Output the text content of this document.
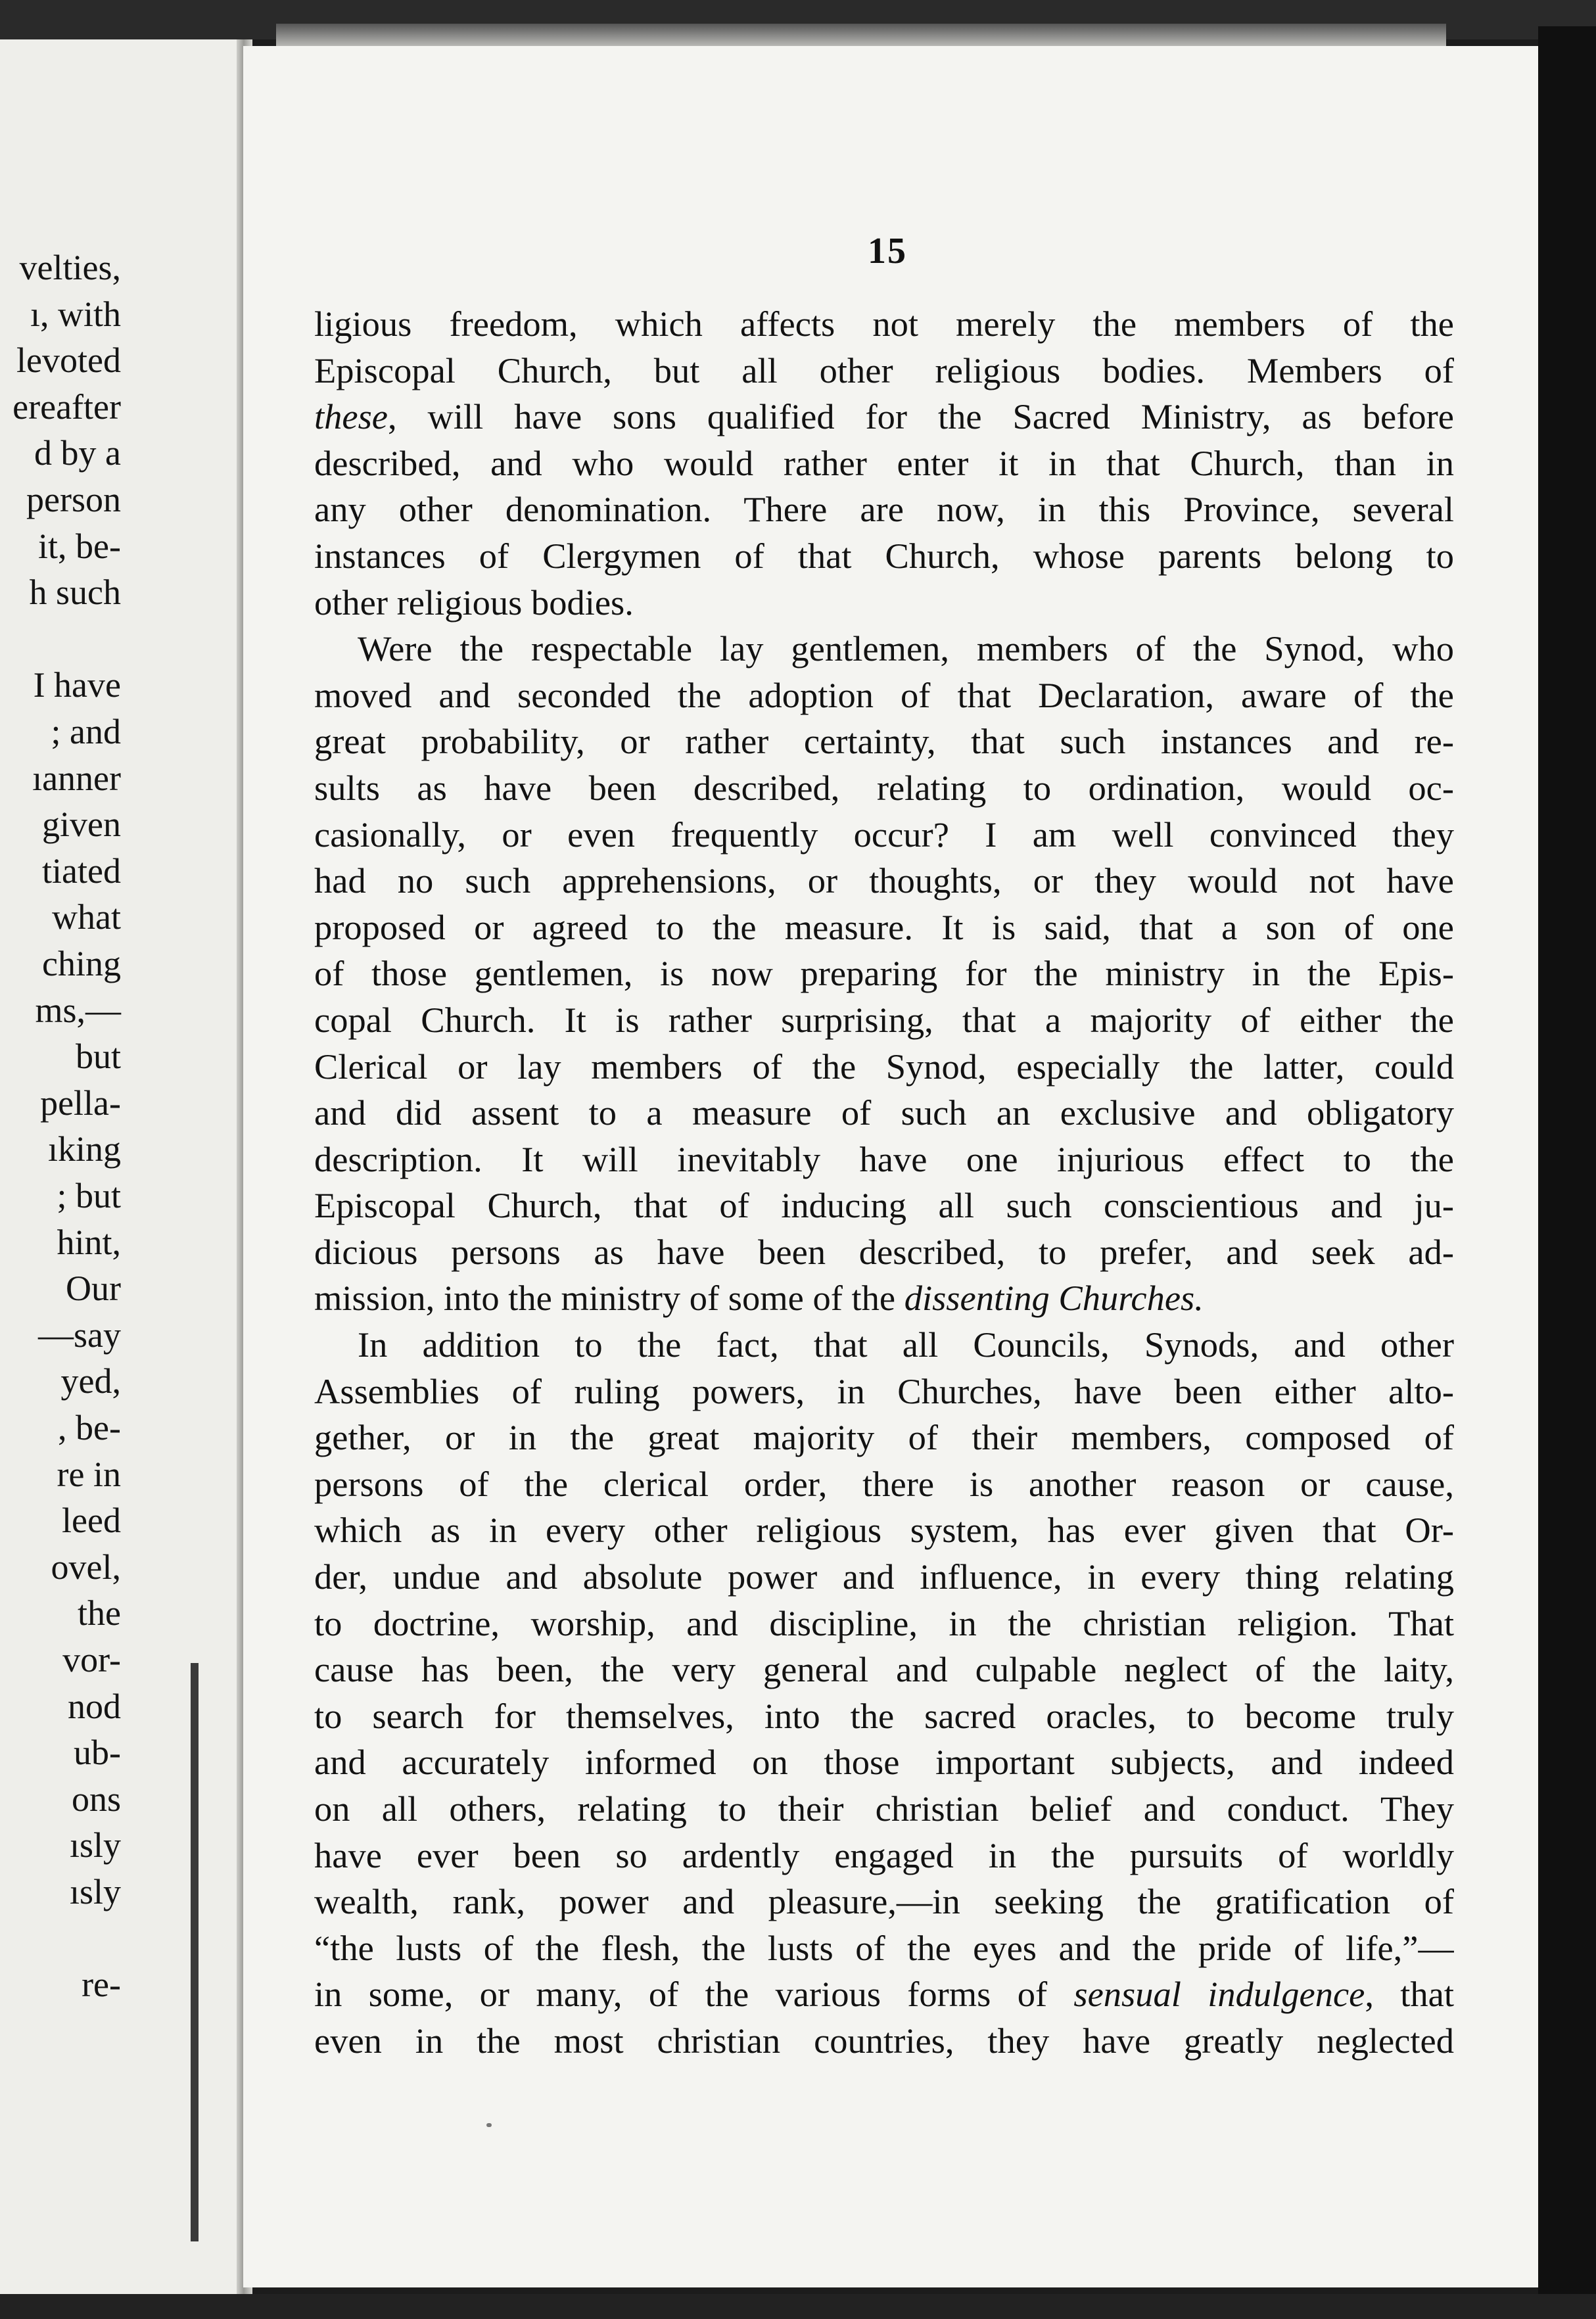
velties,
ı, with
levoted
ereafter
d by a
person
it, be-
h such
I have
; and
ıanner
given
tiated
what
ching
ms,—
but
pella-
ıking
; but
hint,
Our
—say
yed,
, be-
re in
leed
ovel,
the
vor-
nod
ub-
ons
ısly
ısly
re-
15
ligious freedom, which affects not merely the members of the
Episcopal Church, but all other religious bodies. Members of
these, will have sons qualified for the Sacred Ministry, as before
described, and who would rather enter it in that Church, than in
any other denomination. There are now, in this Province, several
instances of Clergymen of that Church, whose parents belong to
other religious bodies.
Were the respectable lay gentlemen, members of the Synod, who
moved and seconded the adoption of that Declaration, aware of the
great probability, or rather certainty, that such instances and re-
sults as have been described, relating to ordination, would oc-
casionally, or even frequently occur? I am well convinced they
had no such apprehensions, or thoughts, or they would not have
proposed or agreed to the measure. It is said, that a son of one
of those gentlemen, is now preparing for the ministry in the Epis-
copal Church. It is rather surprising, that a majority of either the
Clerical or lay members of the Synod, especially the latter, could
and did assent to a measure of such an exclusive and obligatory
description. It will inevitably have one injurious effect to the
Episcopal Church, that of inducing all such conscientious and ju-
dicious persons as have been described, to prefer, and seek ad-
mission, into the ministry of some of the dissenting Churches.
In addition to the fact, that all Councils, Synods, and other
Assemblies of ruling powers, in Churches, have been either alto-
gether, or in the great majority of their members, composed of
persons of the clerical order, there is another reason or cause,
which as in every other religious system, has ever given that Or-
der, undue and absolute power and influence, in every thing relating
to doctrine, worship, and discipline, in the christian religion. That
cause has been, the very general and culpable neglect of the laity,
to search for themselves, into the sacred oracles, to become truly
and accurately informed on those important subjects, and indeed
on all others, relating to their christian belief and conduct. They
have ever been so ardently engaged in the pursuits of worldly
wealth, rank, power and pleasure,—in seeking the gratification of
“the lusts of the flesh, the lusts of the eyes and the pride of life,”—
in some, or many, of the various forms of sensual indulgence, that
even in the most christian countries, they have greatly neglected
